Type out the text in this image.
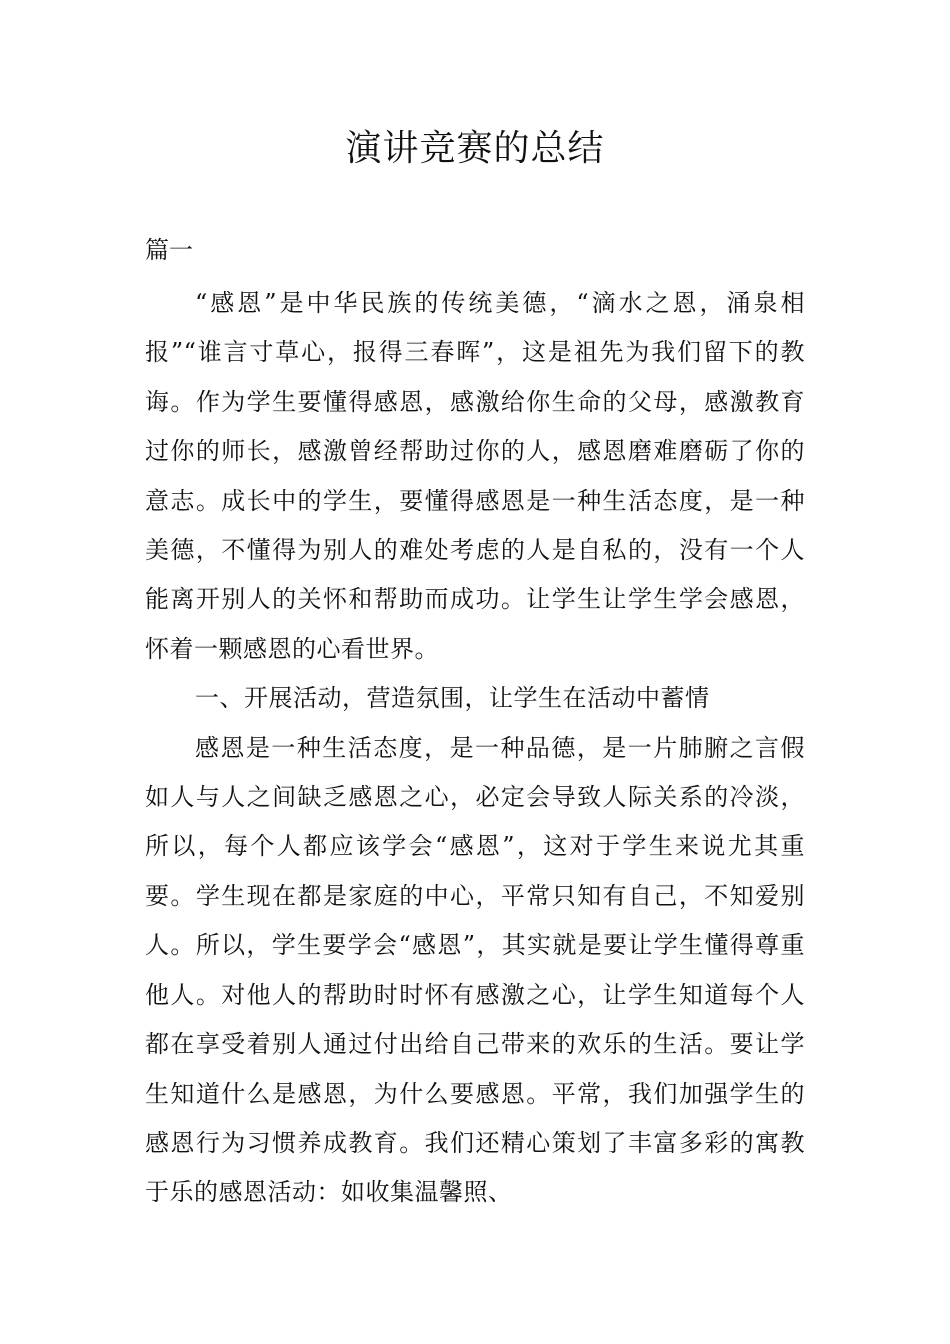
演讲竞赛的总结
篇一

“感恩”是中华民族的传统美德，“滴水之恩，涌泉相报”“谁言寸草心，报得三春晖”，这是祖先为我们留下的教诲。作为学生要懂得感恩，感激给你生命的父母，感激教育过你的师长，感激曾经帮助过你的人，感恩磨难磨砺了你的意志。成长中的学生，要懂得感恩是一种生活态度，是一种美德，不懂得为别人的难处考虑的人是自私的，没有一个人能离开别人的关怀和帮助而成功。让学生让学生学会感恩，怀着一颗感恩的心看世界。

一、开展活动，营造氛围，让学生在活动中蓄情

感恩是一种生活态度，是一种品德，是一片肺腑之言假如人与人之间缺乏感恩之心，必定会导致人际关系的冷淡，所以，每个人都应该学会“感恩”，这对于学生来说尤其重要。学生现在都是家庭的中心，平常只知有自己，不知爱别人。所以，学生要学会“感恩”，其实就是要让学生懂得尊重他人。对他人的帮助时时怀有感激之心，让学生知道每个人都在享受着别人通过付出给自己带来的欢乐的生活。要让学生知道什么是感恩，为什么要感恩。平常，我们加强学生的感恩行为习惯养成教育。我们还精心策划了丰富多彩的寓教于乐的感恩活动：如收集温馨照、
